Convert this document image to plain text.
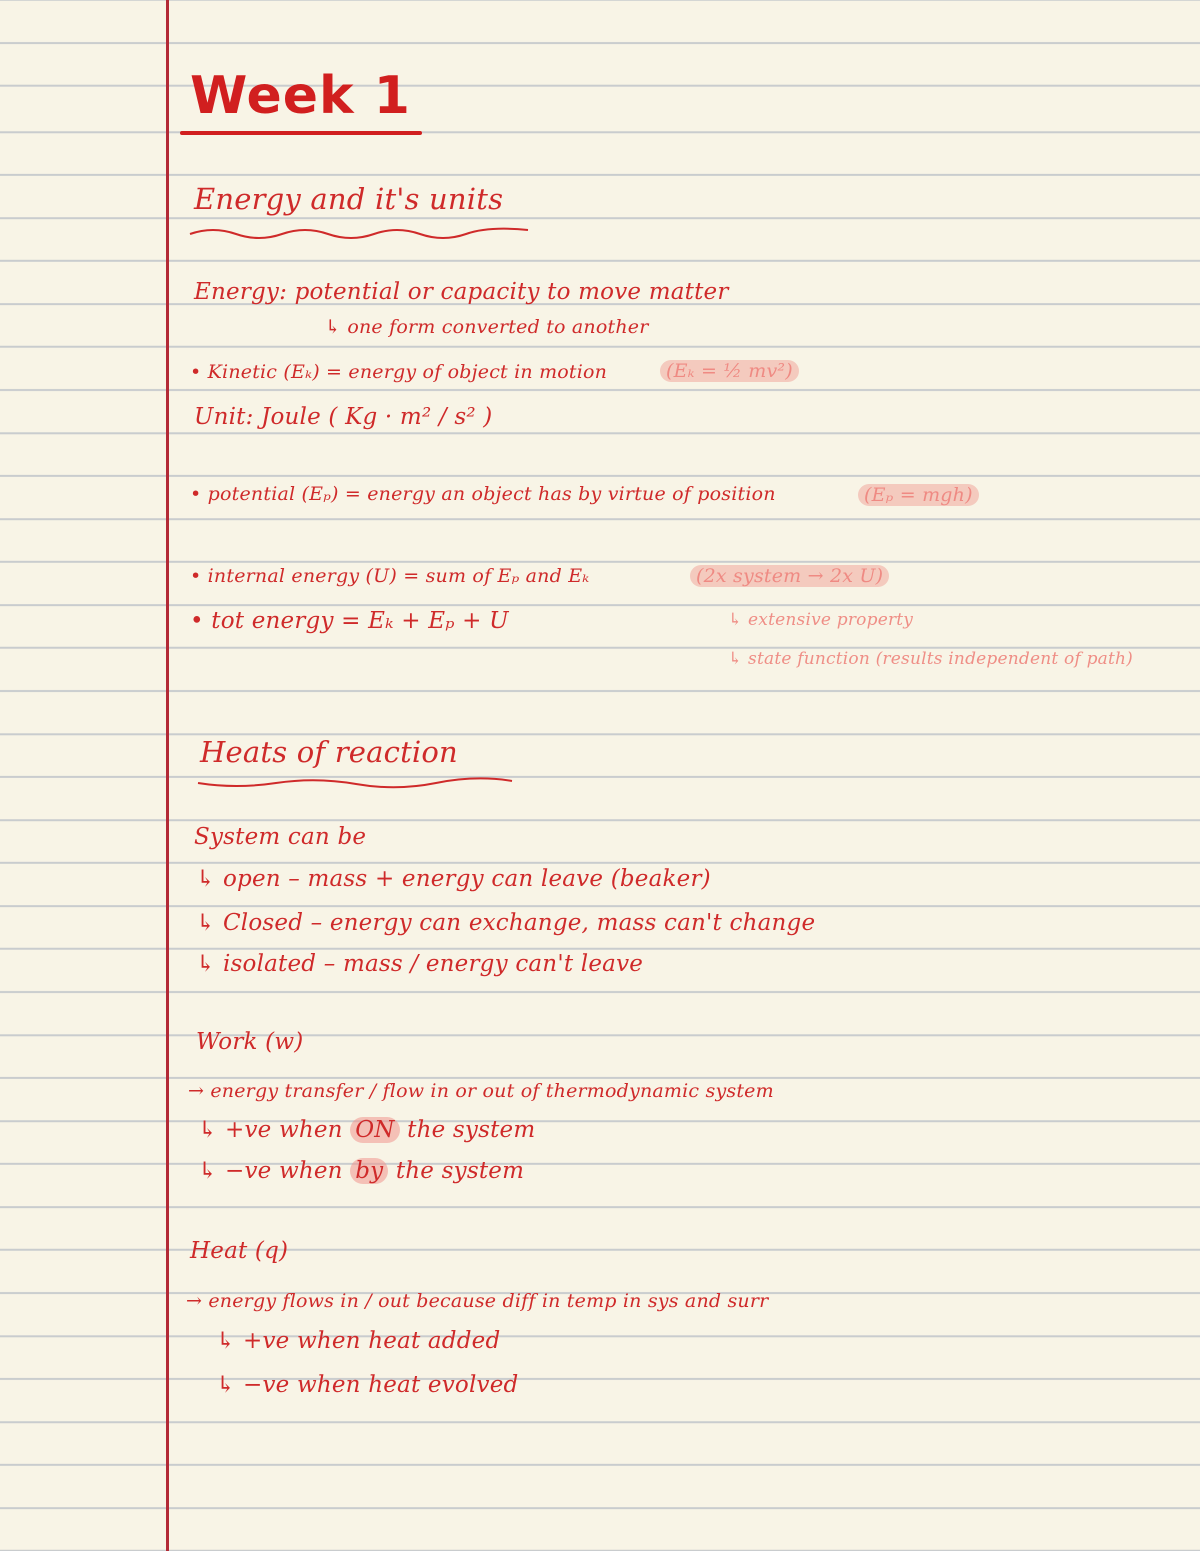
Week 1
Energy and it's units
Energy: potential or capacity to move matter
↳ one form converted to another
• Kinetic (Eₖ) = energy of object in motion	(Eₖ = ½ mv²)
Unit: Joule ( Kg · m² / s² )
• potential (Eₚ) = energy an object has by virtue of position	(Eₚ = mgh)
• internal energy (U) = sum of Eₚ and Eₖ	(2x system → 2x U)
• tot energy = Eₖ + Eₚ + U	↳ extensive property
↳ state function (results independent of path)
Heats of reaction
System can be
↳ open – mass + energy can leave (beaker)
↳ Closed – energy can exchange, mass can't change
↳ isolated – mass / energy can't leave
Work (w)
→ energy transfer / flow in or out of thermodynamic system
↳ +ve when ON the system
↳ −ve when by the system
Heat (q)
→ energy flows in / out because diff in temp in sys and surr
↳ +ve when heat added
↳ −ve when heat evolved
